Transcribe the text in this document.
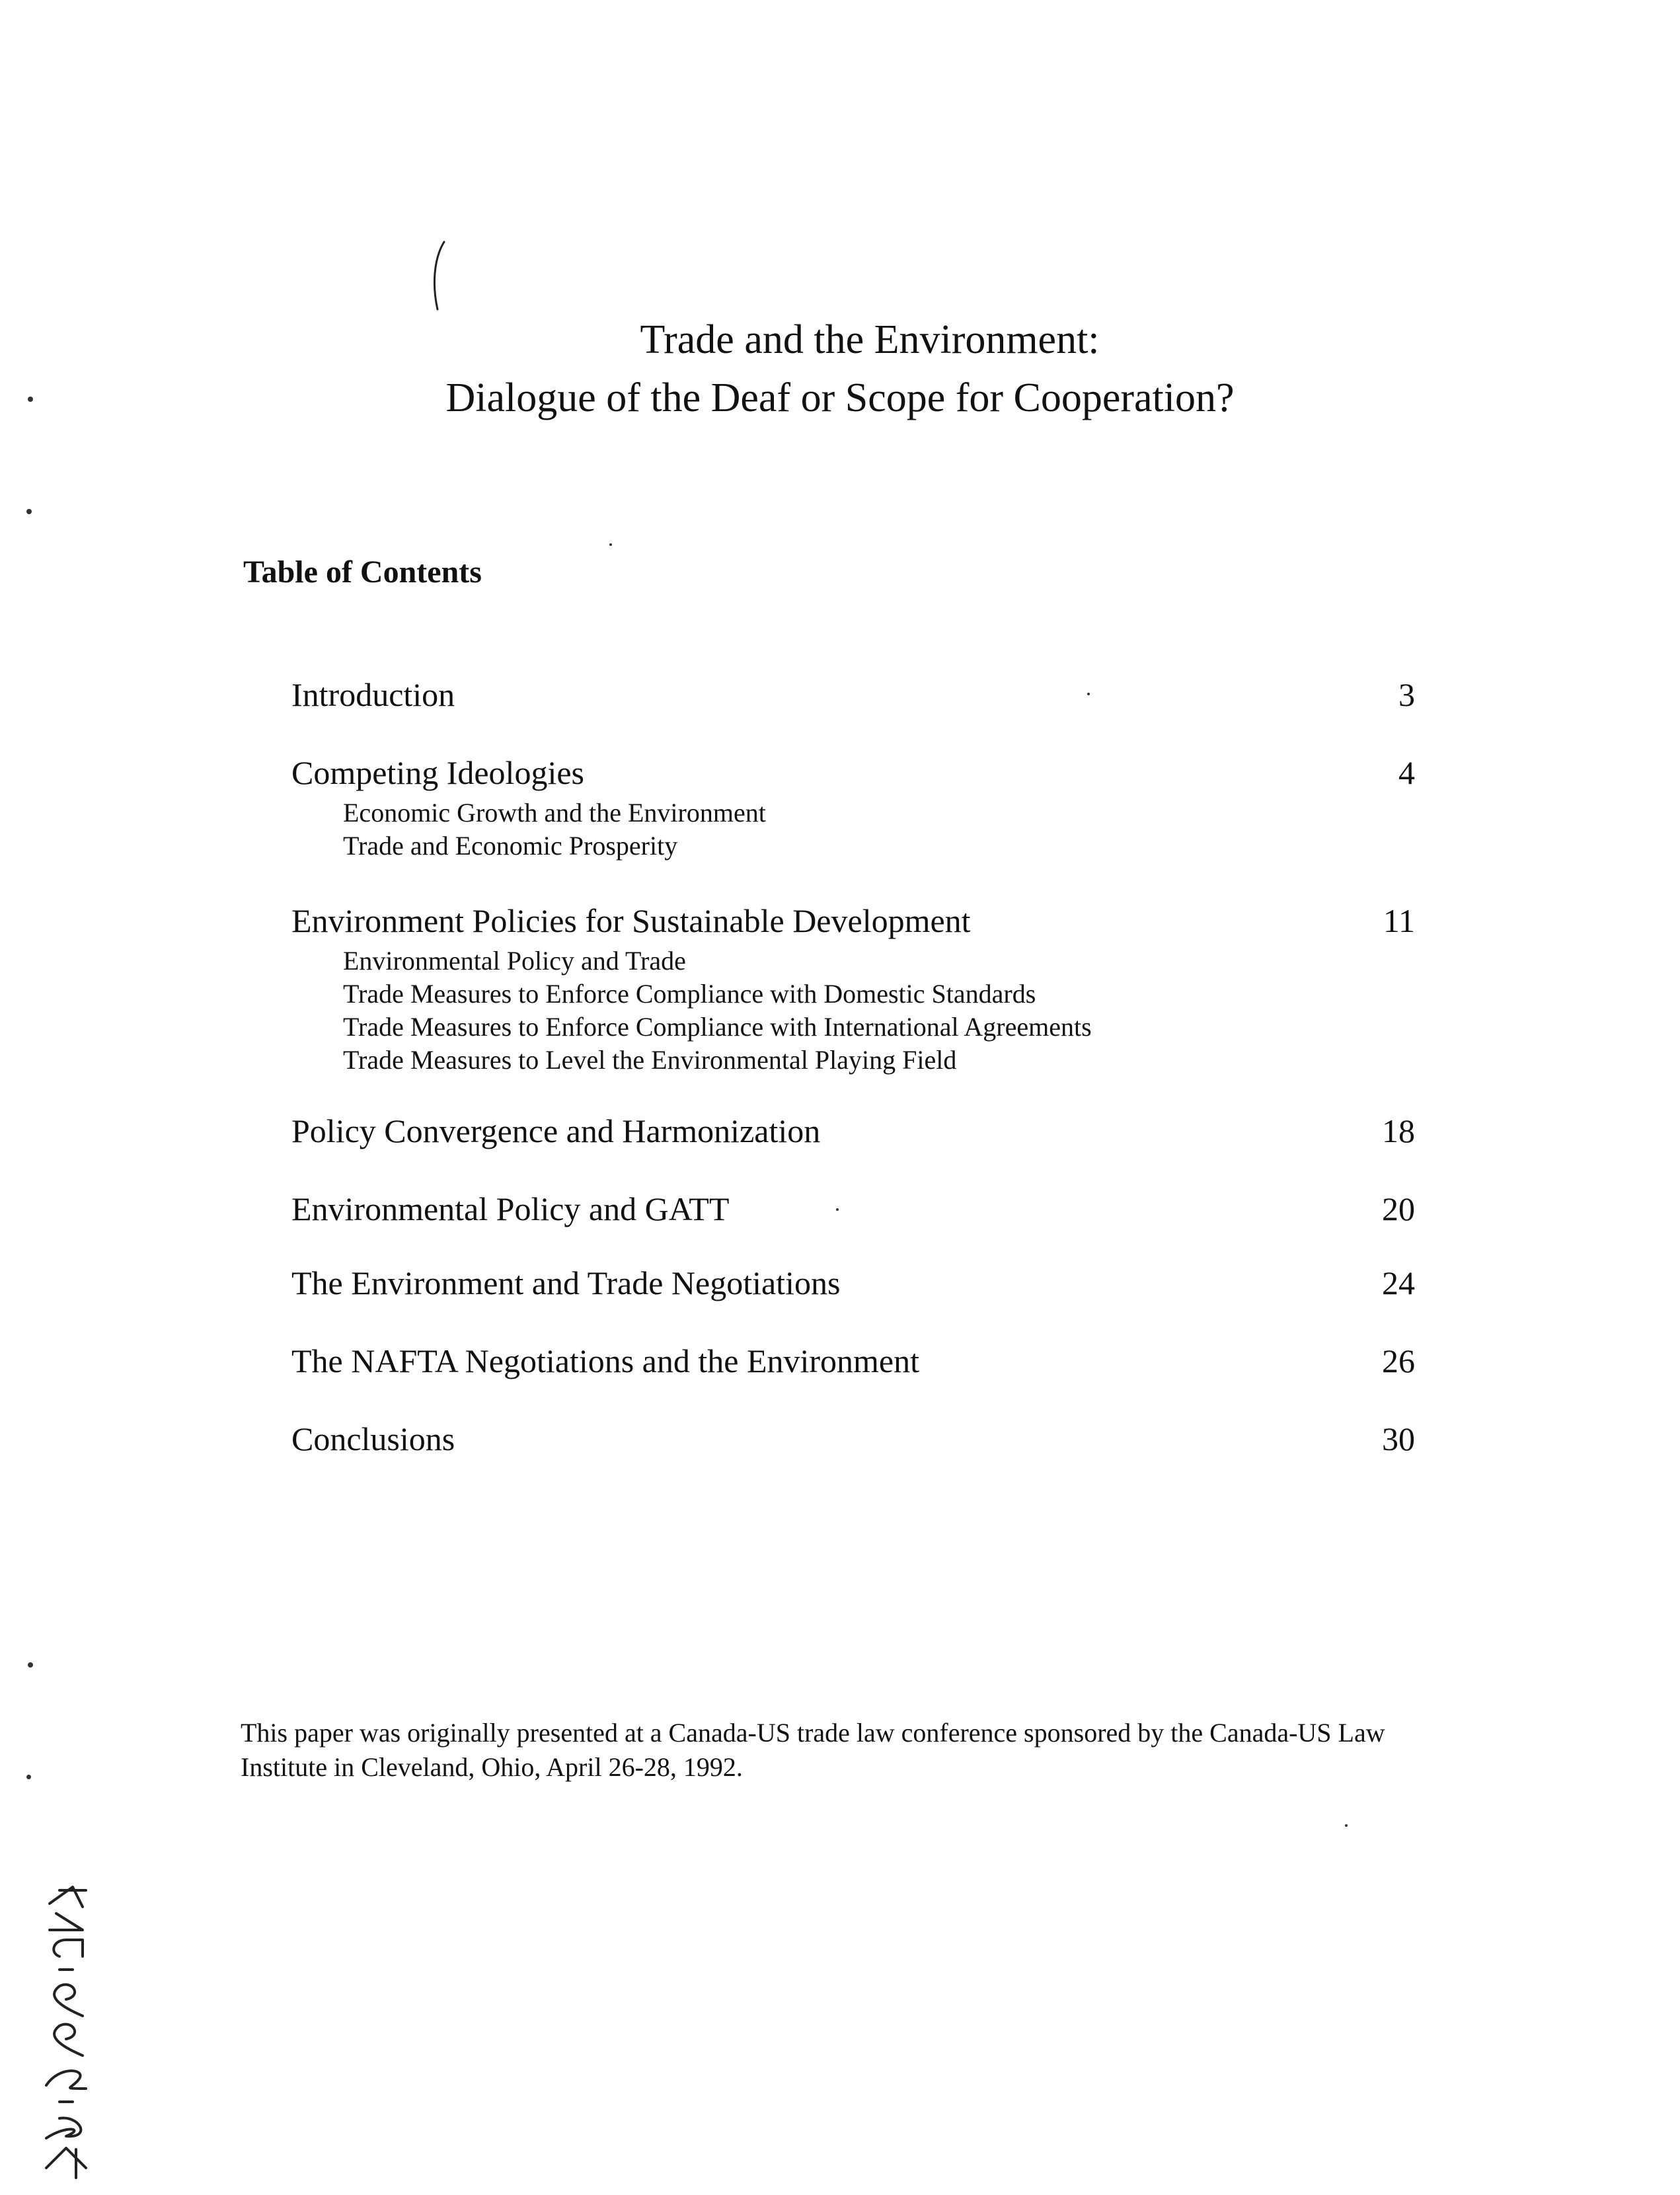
Trade and the Environment:
Dialogue of the Deaf or Scope for Cooperation?
Table of Contents
Introduction	3
Competing Ideologies	4
Economic Growth and the Environment
Trade and Economic Prosperity
Environment Policies for Sustainable Development	11
Environmental Policy and Trade
Trade Measures to Enforce Compliance with Domestic Standards
Trade Measures to Enforce Compliance with International Agreements
Trade Measures to Level the Environmental Playing Field
Policy Convergence and Harmonization	18
Environmental Policy and GATT	20
The Environment and Trade Negotiations	24
The NAFTA Negotiations and the Environment	26
Conclusions	30
This paper was originally presented at a Canada-US trade law conference sponsored by the Canada-US Law Institute in Cleveland, Ohio, April 26-28, 1992.
